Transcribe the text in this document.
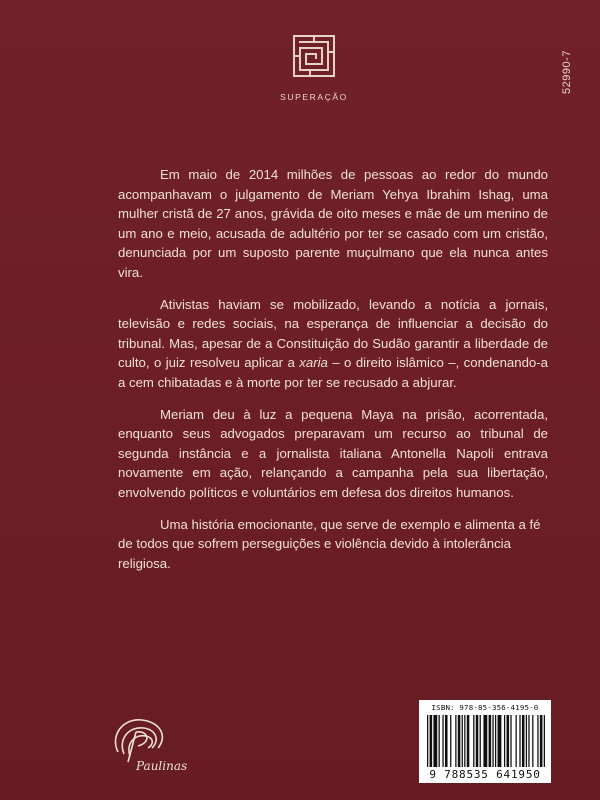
SUPERAÇÃO
52990-7

Em maio de 2014 milhões de pessoas ao redor do mundo acompanhavam o julgamento de Meriam Yehya Ibrahim Ishag, uma mulher cristã de 27 anos, grávida de oito meses e mãe de um menino de um ano e meio, acusada de adultério por ter se casado com um cristão, denunciada por um suposto parente muçulmano que ela nunca antes vira.

Ativistas haviam se mobilizado, levando a notícia a jornais, televisão e redes sociais, na esperança de influenciar a decisão do tribunal. Mas, apesar de a Constituição do Sudão garantir a liberdade de culto, o juiz resolveu aplicar a xaria – o direito islâmico –, condenando-a a cem chibatadas e à morte por ter se recusado a abjurar.

Meriam deu à luz a pequena Maya na prisão, acorrentada, enquanto seus advogados preparavam um recurso ao tribunal de segunda instância e a jornalista italiana Antonella Napoli entrava novamente em ação, relançando a campanha pela sua libertação, envolvendo políticos e voluntários em defesa dos direitos humanos.

Uma história emocionante, que serve de exemplo e alimenta a fé de todos que sofrem perseguições e violência devido à intolerância religiosa.

Paulinas
ISBN: 978-85-356-4195-0
9 788535 641950
